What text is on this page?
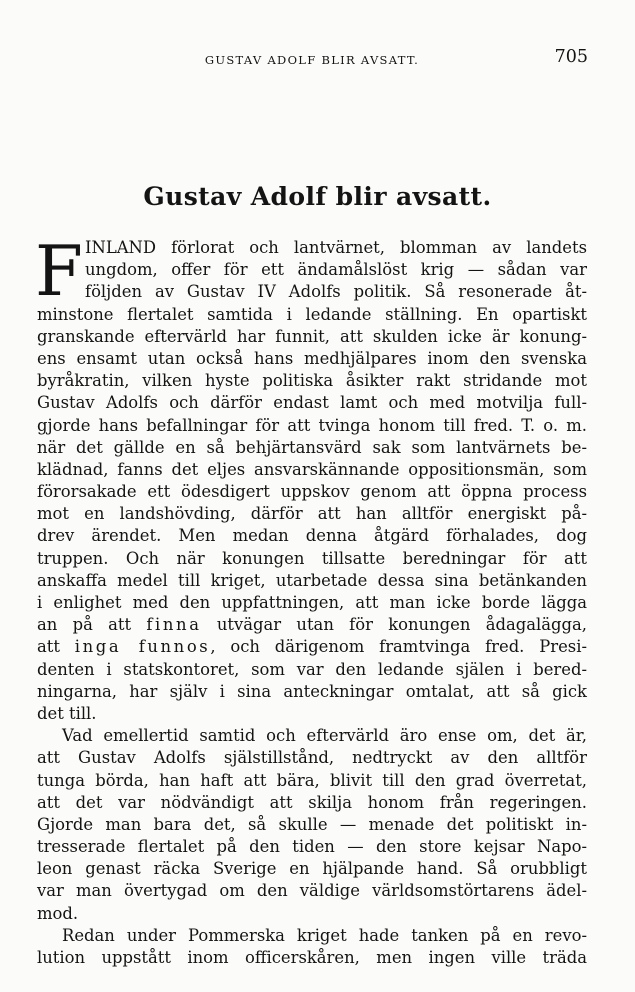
GUSTAV ADOLF BLIR AVSATT.	705
Gustav Adolf blir avsatt.
F INLAND förlorat och lantvärnet, blomman av landets
ungdom, offer för ett ändamålslöst krig — sådan var
följden av Gustav IV Adolfs politik. Så resonerade åt-
minstone flertalet samtida i ledande ställning. En opartiskt
granskande eftervärld har funnit, att skulden icke är konung-
ens ensamt utan också hans medhjälpares inom den svenska
byråkratin, vilken hyste politiska åsikter rakt stridande mot
Gustav Adolfs och därför endast lamt och med motvilja full-
gjorde hans befallningar för att tvinga honom till fred. T. o. m.
när det gällde en så behjärtansvärd sak som lantvärnets be-
klädnad, fanns det eljes ansvarskännande oppositionsmän, som
förorsakade ett ödesdigert uppskov genom att öppna process
mot en landshövding, därför att han alltför energiskt på-
drev ärendet. Men medan denna åtgärd förhalades, dog
truppen. Och när konungen tillsatte beredningar för att
anskaffa medel till kriget, utarbetade dessa sina betänkanden
i enlighet med den uppfattningen, att man icke borde lägga
an på att finna utvägar utan för konungen ådagalägga,
att inga funnos, och därigenom framtvinga fred. Presi-
denten i statskontoret, som var den ledande själen i bered-
ningarna, har själv i sina anteckningar omtalat, att så gick
det till.
Vad emellertid samtid och eftervärld äro ense om, det är,
att Gustav Adolfs själstillstånd, nedtryckt av den alltför
tunga börda, han haft att bära, blivit till den grad överretat,
att det var nödvändigt att skilja honom från regeringen.
Gjorde man bara det, så skulle — menade det politiskt in-
tresserade flertalet på den tiden — den store kejsar Napo-
leon genast räcka Sverige en hjälpande hand. Så orubbligt
var man övertygad om den väldige världsomstörtarens ädel-
mod.
Redan under Pommerska kriget hade tanken på en revo-
lution uppstått inom officerskåren, men ingen ville träda
